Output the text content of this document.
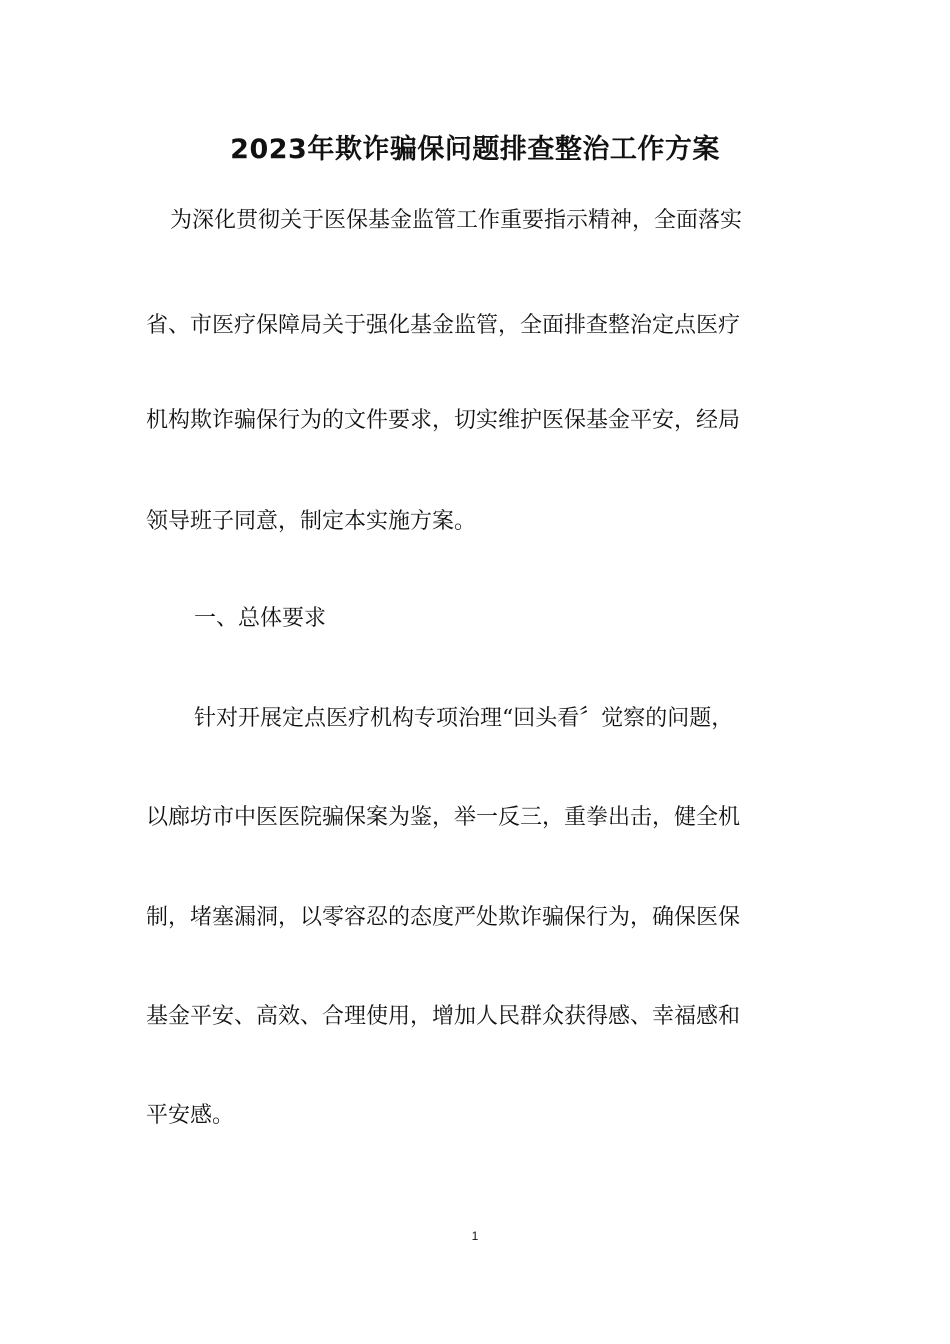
2023年欺诈骗保问题排查整治工作方案
为深化贯彻关于医保基金监管工作重要指示精神，全面落实
省、市医疗保障局关于强化基金监管，全面排查整治定点医疗
机构欺诈骗保行为的文件要求，切实维护医保基金平安，经局
领导班子同意，制定本实施方案。
一、总体要求
针对开展定点医疗机构专项治理“回头看〞觉察的问题，
以廊坊市中医医院骗保案为鉴，举一反三，重拳出击，健全机
制，堵塞漏洞，以零容忍的态度严处欺诈骗保行为，确保医保
基金平安、高效、合理使用，增加人民群众获得感、幸福感和
平安感。
1
